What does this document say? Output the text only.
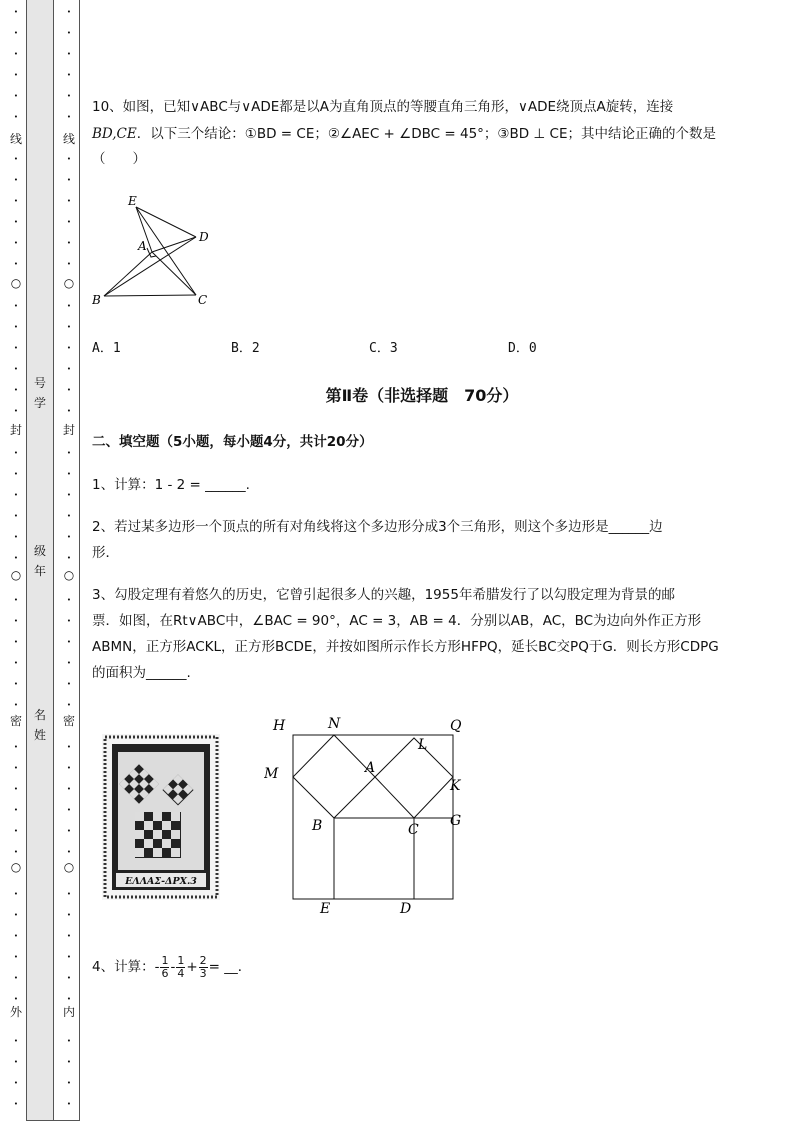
号
学
级
年
名
姓
线
○
封
○
密
○
外
•
•
•
•
•
•
•
•
•
•
•
•
•
•
•
•
•
•
•
•
•
•
•
•
•
•
•
•
•
•
•
•
•
•
•
•
•
•
•
•
•
•
•
•
•
•
线
○
封
○
密
○
内
•
•
•
•
•
•
•
•
•
•
•
•
•
•
•
•
•
•
•
•
•
•
•
•
•
•
•
•
•
•
•
•
•
•
•
•
•
•
•
•
•
•
•
•
•
•
10、如图，已知∨ABC与∨ADE都是以A为直角顶点的等腰直角三角形，∨ADE绕顶点A旋转，连接
BD,CE．以下三个结论：①BD = CE；②∠AEC + ∠DBC = 45°；③BD ⊥ CE；其中结论正确的个数是
（　　）
E
A
D
B	C
A．1	B．2	C．3	D．0
第Ⅱ卷（非选择题　70分）
二、填空题（5小题，每小题4分，共计20分）
1、计算：1 - 2 = ______.
2、若过某多边形一个顶点的所有对角线将这个多边形分成3个三角形，则这个多边形是______边
形．
3、勾股定理有着悠久的历史，它曾引起很多人的兴趣，1955年希腊发行了以勾股定理为背景的邮
票．如图，在Rt∨ABC中，∠BAC = 90°，AC = 3，AB = 4．分别以AB，AC，BC为边向外作正方形
ABMN，正方形ACKL，正方形BCDE，并按如图所示作长方形HFPQ，延长BC交PQ于G．则长方形CDPG
的面积为______.
ΕΛΛΑΣ-ΔΡΧ.3
H	N	Q
L
M	A
K
B	C
G
E	D
4、计算：- $\frac{1}{6} - \frac{1}{4} + \frac{2}{3}$ = __．
